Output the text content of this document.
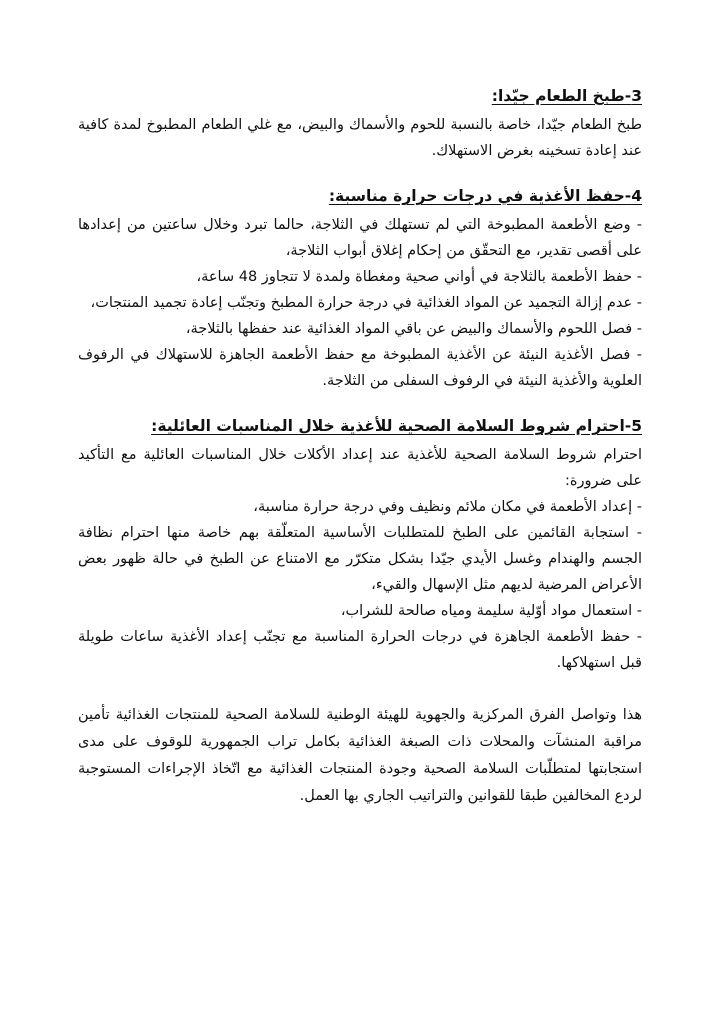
3-طبخ الطعام جيّدا:

طبخ الطعام جيّدا، خاصة بالنسبة للحوم والأسماك والبيض، مع غلي الطعام المطبوخ لمدة كافية عند إعادة تسخينه بغرض الاستهلاك.

4-حفظ الأغذية في درجات حرارة مناسبة:

- وضع الأطعمة المطبوخة التي لم تستهلك في الثلاجة، حالما تبرد وخلال ساعتين من إعدادها على أقصى تقدير، مع التحقّق من إحكام إغلاق أبواب الثلاجة،

- حفظ الأطعمة بالثلاجة في أواني صحية ومغطاة ولمدة لا تتجاوز 48 ساعة،

- عدم إزالة التجميد عن المواد الغذائية في درجة حرارة المطبخ وتجنّب إعادة تجميد المنتجات،

- فصل اللحوم والأسماك والبيض عن باقي المواد الغذائية عند حفظها بالثلاجة،

- فصل الأغذية النيئة عن الأغذية المطبوخة مع حفظ الأطعمة الجاهزة للاستهلاك في الرفوف العلوية والأغذية النيئة في الرفوف السفلى من الثلاجة.

5-احترام شروط السلامة الصحية للأغذية خلال المناسبات العائلية:

احترام شروط السلامة الصحية للأغذية عند إعداد الأكلات خلال المناسبات العائلية مع التأكيد على ضرورة:

- إعداد الأطعمة في مكان ملائم ونظيف وفي درجة حرارة مناسبة،

- استجابة القائمين على الطبخ للمتطلبات الأساسية المتعلّقة بهم خاصة منها احترام نظافة الجسم والهندام وغسل الأيدي جيّدا بشكل متكرّر مع الامتناع عن الطبخ في حالة ظهور بعض الأعراض المرضية لديهم مثل الإسهال والقيء،

- استعمال مواد أوّلية سليمة ومياه صالحة للشراب،

- حفظ الأطعمة الجاهزة في درجات الحرارة المناسبة مع تجنّب إعداد الأغذية ساعات طويلة قبل استهلاكها.

هذا وتواصل الفرق المركزية والجهوية للهيئة الوطنية للسلامة الصحية للمنتجات الغذائية تأمين مراقبة المنشآت والمحلات ذات الصبغة الغذائية بكامل تراب الجمهورية للوقوف على مدى استجابتها لمتطلّبات السلامة الصحية وجودة المنتجات الغذائية مع اتّخاذ الإجراءات المستوجبة لردع المخالفين طبقا للقوانين والتراتيب الجاري بها العمل.
